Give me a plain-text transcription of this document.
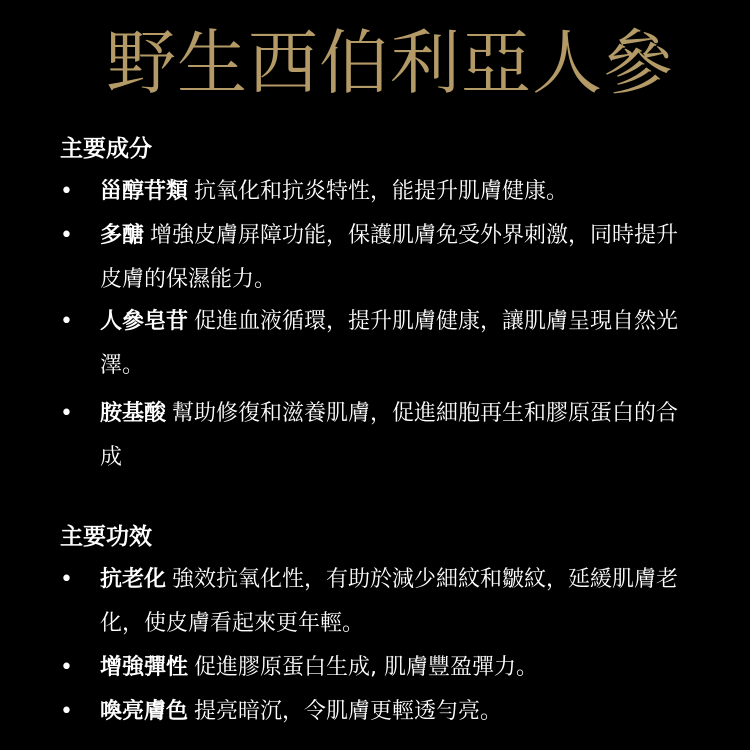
野生西伯利亞人參
主要成分
•	甾醇苷類 抗氧化和抗炎特性，能提升肌膚健康。
•	多醣 增強皮膚屏障功能，保護肌膚免受外界刺激，同時提升皮膚的保濕能力。
•	人參皂苷 促進血液循環，提升肌膚健康，讓肌膚呈現自然光澤。
•	胺基酸 幫助修復和滋養肌膚，促進細胞再生和膠原蛋白的合成
主要功效
•	抗老化 強效抗氧化性，有助於減少細紋和皺紋，延緩肌膚老化，使皮膚看起來更年輕。
•	增強彈性 促進膠原蛋白生成, 肌膚豐盈彈力。
•	喚亮膚色 提亮暗沉，令肌膚更輕透勻亮。
